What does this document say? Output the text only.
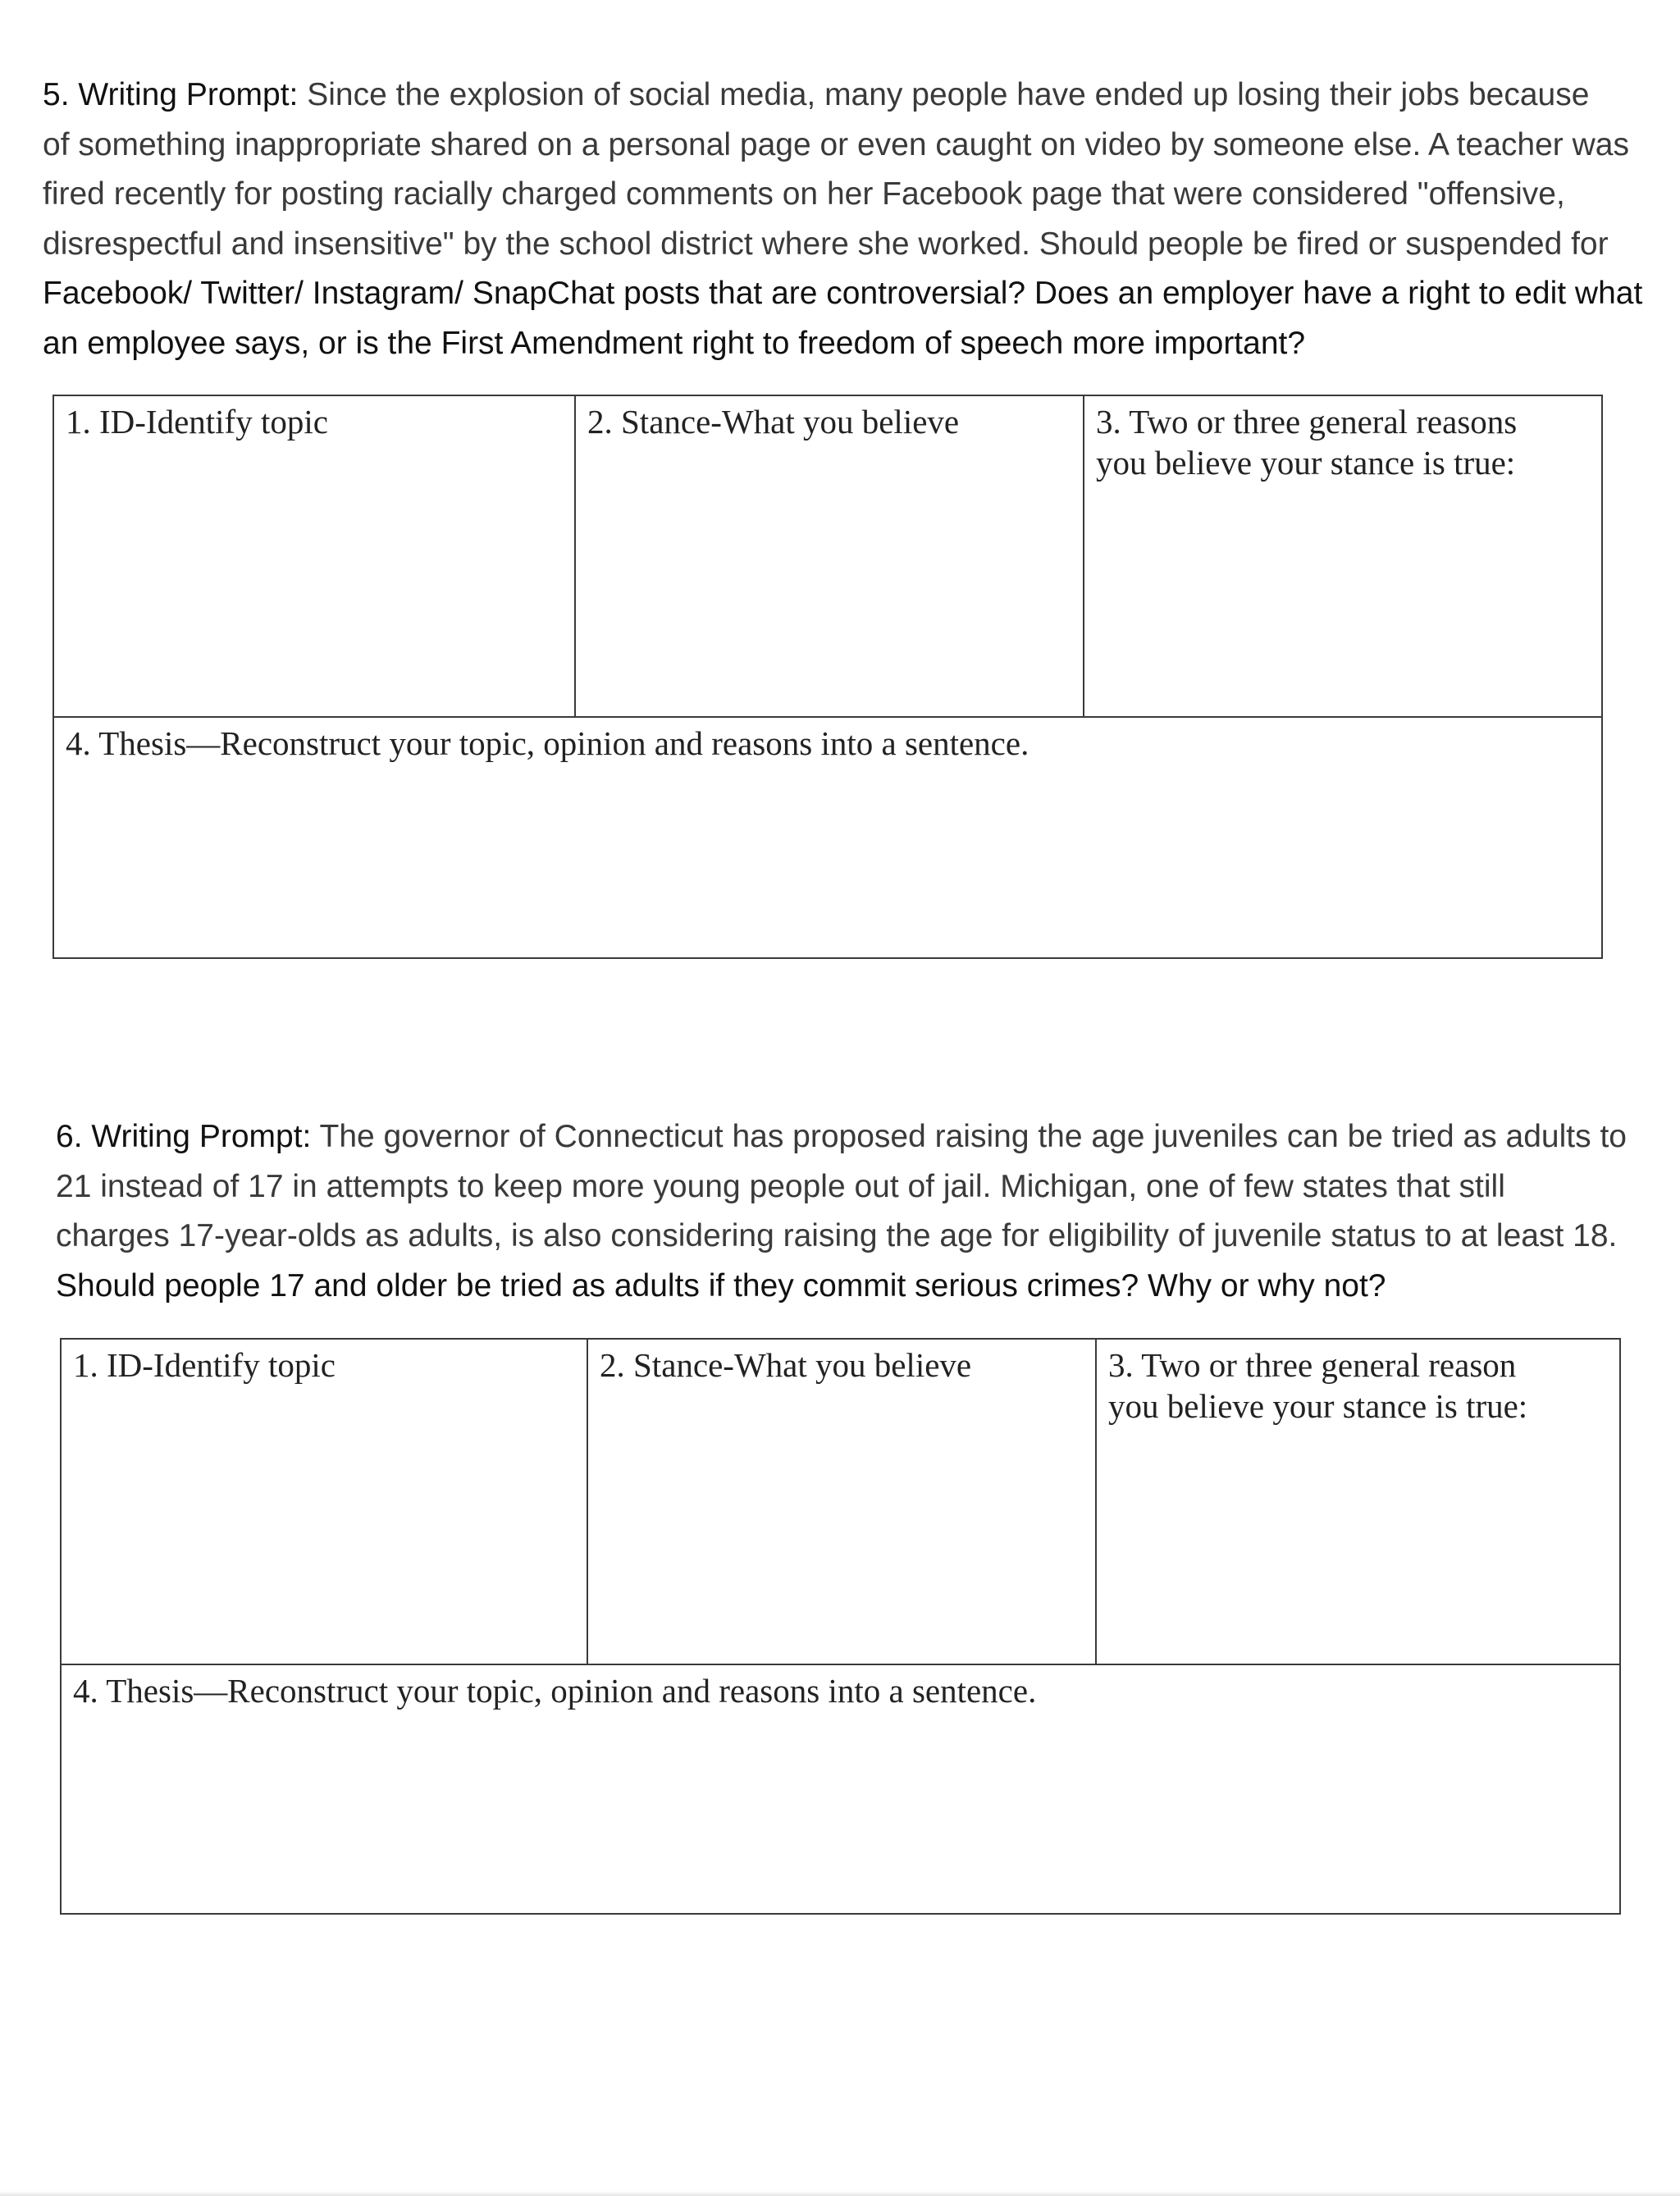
5. Writing Prompt: Since the explosion of social media, many people have ended up losing their jobs because
of something inappropriate shared on a personal page or even caught on video by someone else. A teacher was
fired recently for posting racially charged comments on her Facebook page that were considered "offensive,
disrespectful and insensitive" by the school district where she worked. Should people be fired or suspended for
Facebook/ Twitter/ Instagram/ SnapChat posts that are controversial? Does an employer have a right to edit what
an employee says, or is the First Amendment right to freedom of speech more important?
1. ID-Identify topic	2. Stance-What you believe	3. Two or three general reasons
you believe your stance is true:
4. Thesis—Reconstruct your topic, opinion and reasons into a sentence.
6. Writing Prompt: The governor of Connecticut has proposed raising the age juveniles can be tried as adults to
21 instead of 17 in attempts to keep more young people out of jail. Michigan, one of few states that still
charges 17-year-olds as adults, is also considering raising the age for eligibility of juvenile status to at least 18.
Should people 17 and older be tried as adults if they commit serious crimes? Why or why not?
1. ID-Identify topic	2. Stance-What you believe	3. Two or three general reason
you believe your stance is true:
4. Thesis—Reconstruct your topic, opinion and reasons into a sentence.
